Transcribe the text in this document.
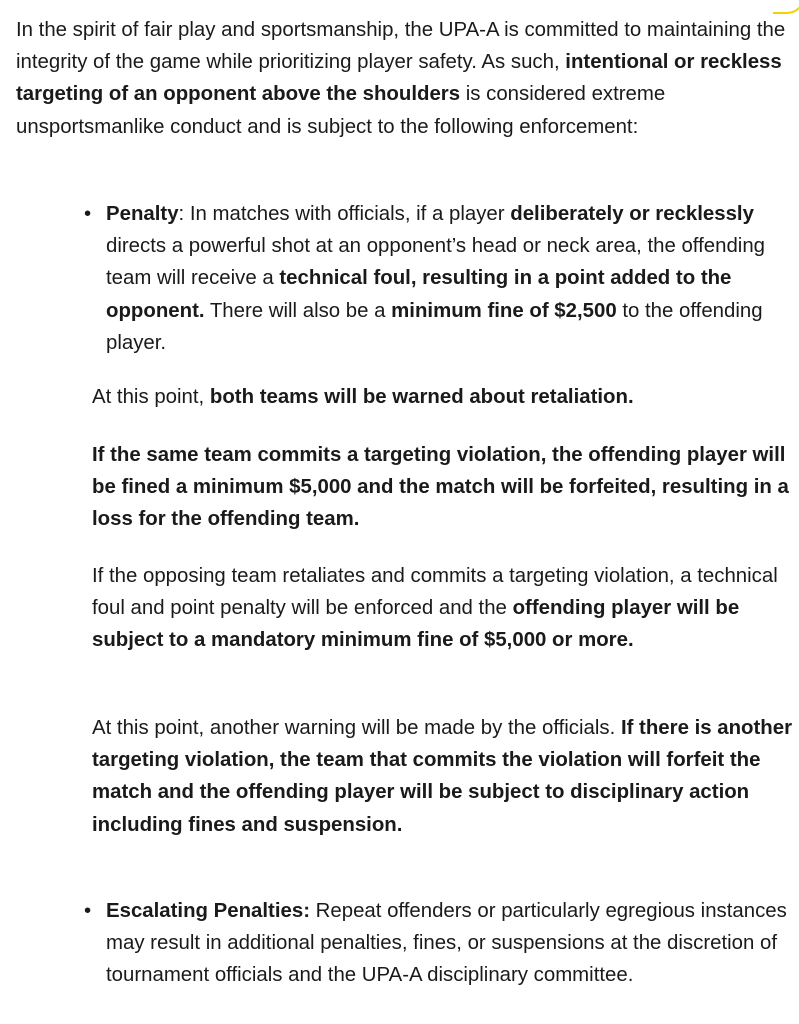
In the spirit of fair play and sportsmanship, the UPA-A is committed to maintaining the integrity of the game while prioritizing player safety. As such, intentional or reckless targeting of an opponent above the shoulders is considered extreme unsportsmanlike conduct and is subject to the following enforcement:

• Penalty: In matches with officials, if a player deliberately or recklessly directs a powerful shot at an opponent’s head or neck area, the offending team will receive a technical foul, resulting in a point added to the opponent. There will also be a minimum fine of $2,500 to the offending player.

At this point, both teams will be warned about retaliation.

If the same team commits a targeting violation, the offending player will be fined a minimum $5,000 and the match will be forfeited, resulting in a loss for the offending team.

If the opposing team retaliates and commits a targeting violation, a technical foul and point penalty will be enforced and the offending player will be subject to a mandatory minimum fine of $5,000 or more.

At this point, another warning will be made by the officials. If there is another targeting violation, the team that commits the violation will forfeit the match and the offending player will be subject to disciplinary action including fines and suspension.

• Escalating Penalties: Repeat offenders or particularly egregious instances may result in additional penalties, fines, or suspensions at the discretion of tournament officials and the UPA-A disciplinary committee.
